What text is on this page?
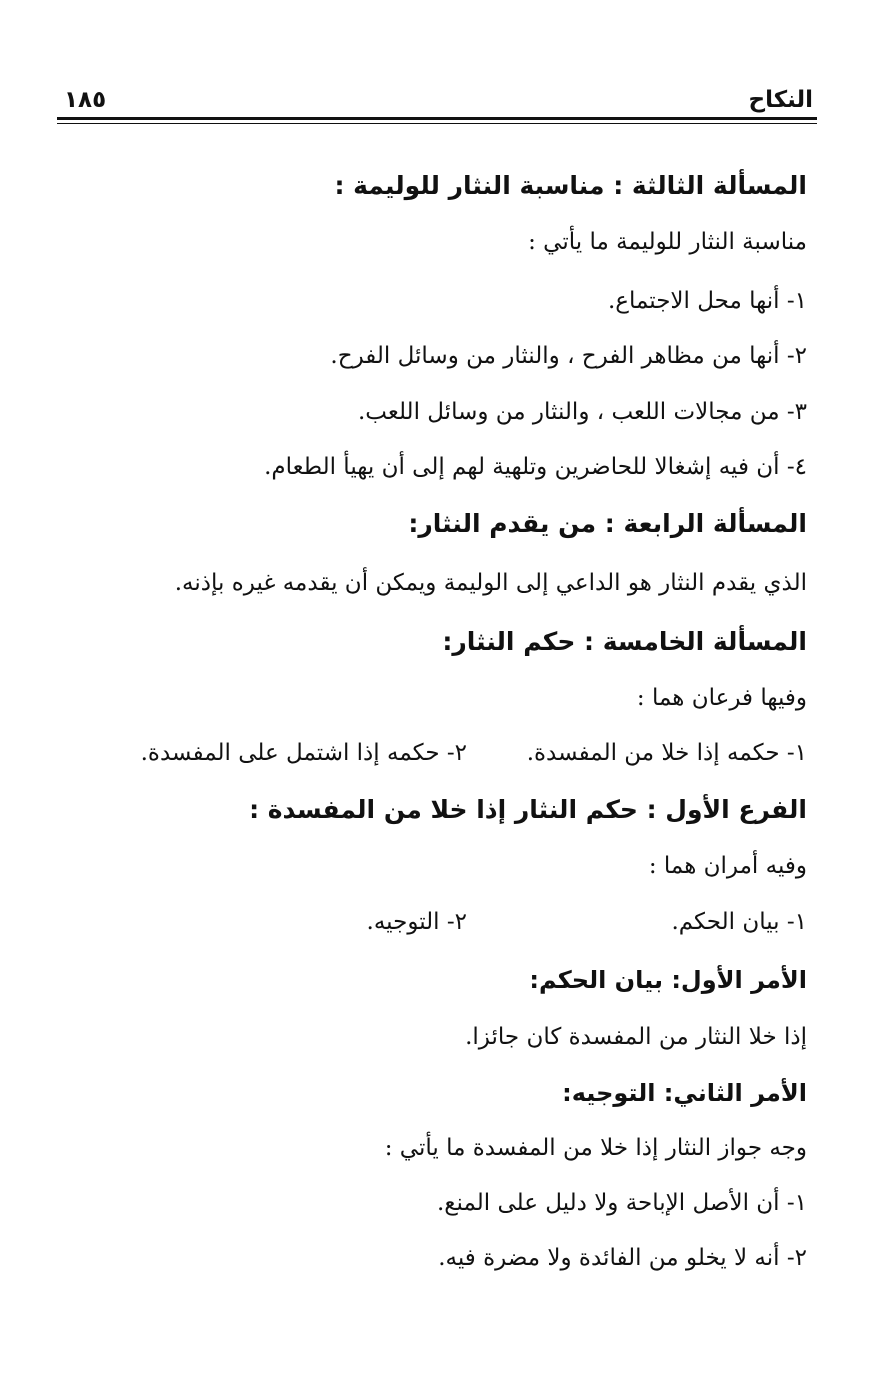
النكاح
١٨٥
المسألة الثالثة : مناسبة النثار للوليمة :
مناسبة النثار للوليمة ما يأتي :
١- أنها محل الاجتماع.
٢- أنها من مظاهر الفرح ، والنثار من وسائل الفرح.
٣- من مجالات اللعب ، والنثار من وسائل اللعب.
٤- أن فيه إشغالا للحاضرين وتلهية لهم إلى أن يهيأ الطعام.
المسألة الرابعة : من يقدم النثار:
الذي يقدم النثار هو الداعي إلى الوليمة ويمكن أن يقدمه غيره بإذنه.
المسألة الخامسة : حكم النثار:
وفيها فرعان هما :
١- حكمه إذا خلا من المفسدة.
٢- حكمه إذا اشتمل على المفسدة.
الفرع الأول : حكم النثار إذا خلا من المفسدة :
وفيه أمران هما :
١- بيان الحكم.
٢- التوجيه.
الأمر الأول: بيان الحكم:
إذا خلا النثار من المفسدة كان جائزا.
الأمر الثاني: التوجيه:
وجه جواز النثار إذا خلا من المفسدة ما يأتي :
١- أن الأصل الإباحة ولا دليل على المنع.
٢- أنه لا يخلو من الفائدة ولا مضرة فيه.
